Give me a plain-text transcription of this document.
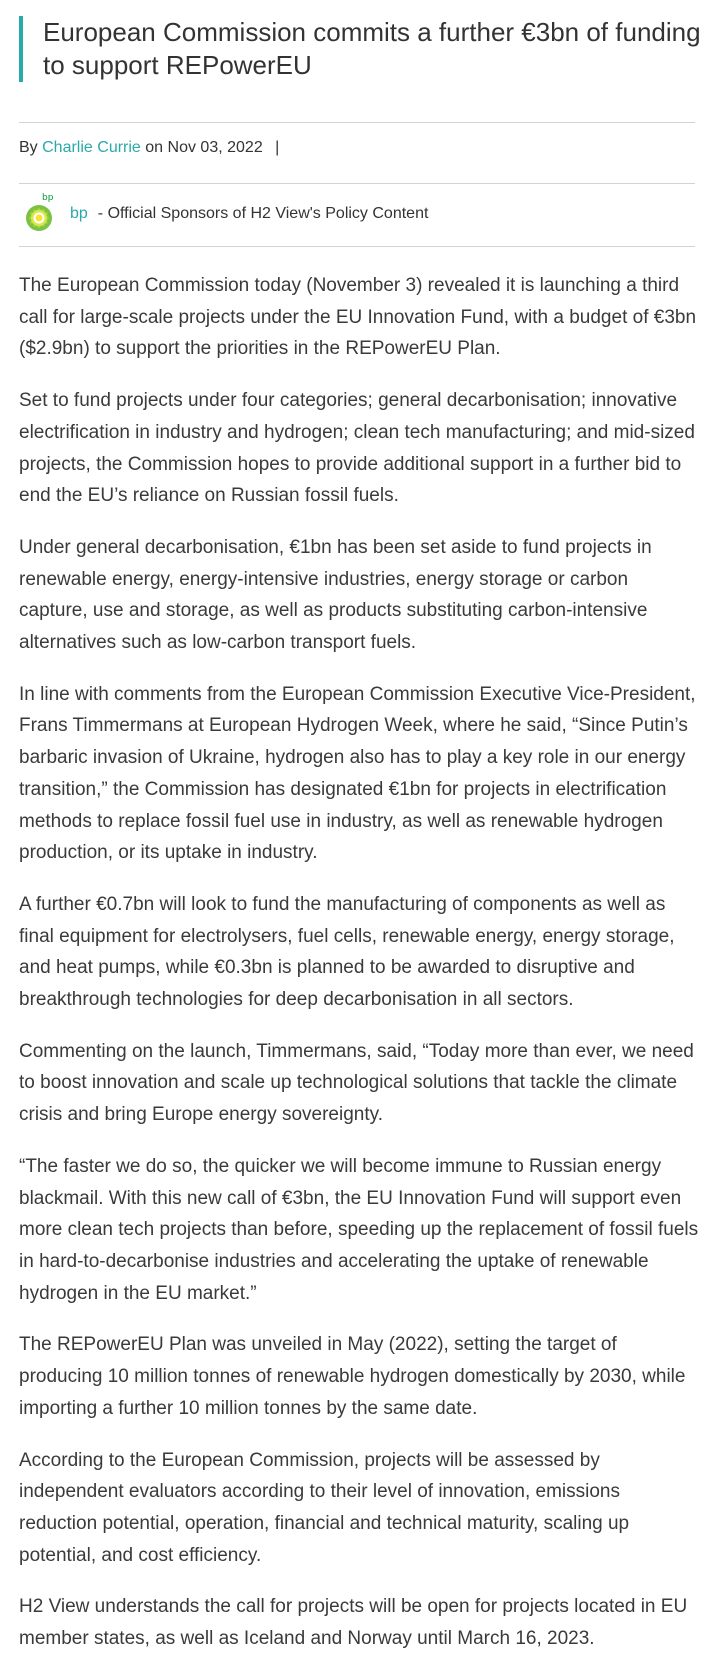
European Commission commits a further €3bn of funding to support REPowerEU
By Charlie Currie on Nov 03, 2022 |
bp
bp - Official Sponsors of H2 View's Policy Content

The European Commission today (November 3) revealed it is launching a third call for large-scale projects under the EU Innovation Fund, with a budget of €3bn ($2.9bn) to support the priorities in the REPowerEU Plan.

Set to fund projects under four categories; general decarbonisation; innovative electrification in industry and hydrogen; clean tech manufacturing; and mid-sized projects, the Commission hopes to provide additional support in a further bid to end the EU’s reliance on Russian fossil fuels.

Under general decarbonisation, €1bn has been set aside to fund projects in renewable energy, energy-intensive industries, energy storage or carbon capture, use and storage, as well as products substituting carbon-intensive alternatives such as low-carbon transport fuels.

In line with comments from the European Commission Executive Vice-President, Frans Timmermans at European Hydrogen Week, where he said, “Since Putin’s barbaric invasion of Ukraine, hydrogen also has to play a key role in our energy transition,” the Commission has designated €1bn for projects in electrification methods to replace fossil fuel use in industry, as well as renewable hydrogen production, or its uptake in industry.

A further €0.7bn will look to fund the manufacturing of components as well as final equipment for electrolysers, fuel cells, renewable energy, energy storage, and heat pumps, while €0.3bn is planned to be awarded to disruptive and breakthrough technologies for deep decarbonisation in all sectors.

Commenting on the launch, Timmermans, said, “Today more than ever, we need to boost innovation and scale up technological solutions that tackle the climate crisis and bring Europe energy sovereignty.

“The faster we do so, the quicker we will become immune to Russian energy blackmail. With this new call of €3bn, the EU Innovation Fund will support even more clean tech projects than before, speeding up the replacement of fossil fuels in hard-to-decarbonise industries and accelerating the uptake of renewable hydrogen in the EU market.”

The REPowerEU Plan was unveiled in May (2022), setting the target of producing 10 million tonnes of renewable hydrogen domestically by 2030, while importing a further 10 million tonnes by the same date.

According to the European Commission, projects will be assessed by independent evaluators according to their level of innovation, emissions reduction potential, operation, financial and technical maturity, scaling up potential, and cost efficiency.

H2 View understands the call for projects will be open for projects located in EU member states, as well as Iceland and Norway until March 16, 2023.
